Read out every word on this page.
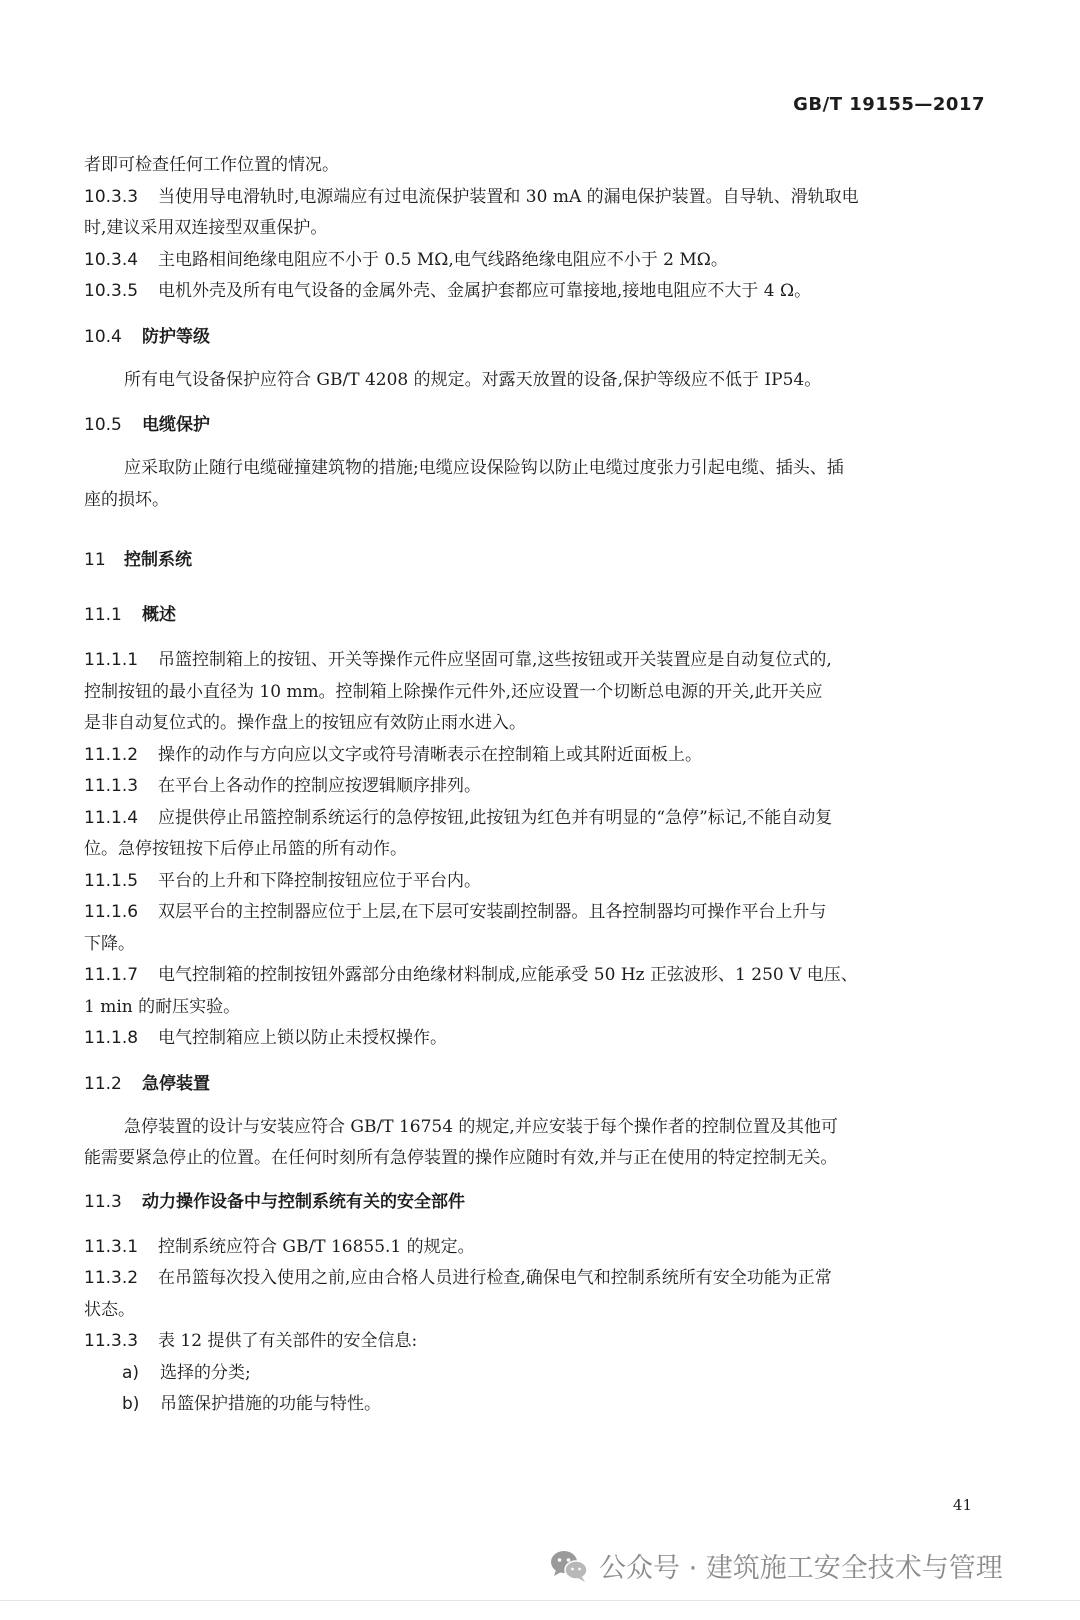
GB/T 19155—2017
者即可检查任何工作位置的情况。
10.3.3 当使用导电滑轨时,电源端应有过电流保护装置和 30 mA 的漏电保护装置。自导轨、滑轨取电
时,建议采用双连接型双重保护。
10.3.4 主电路相间绝缘电阻应不小于 0.5 MΩ,电气线路绝缘电阻应不小于 2 MΩ。
10.3.5 电机外壳及所有电气设备的金属外壳、金属护套都应可靠接地,接地电阻应不大于 4 Ω。
10.4 防护等级
所有电气设备保护应符合 GB/T 4208 的规定。对露天放置的设备,保护等级应不低于 IP54。
10.5 电缆保护
应采取防止随行电缆碰撞建筑物的措施;电缆应设保险钩以防止电缆过度张力引起电缆、插头、插
座的损坏。
11 控制系统
11.1 概述
11.1.1 吊篮控制箱上的按钮、开关等操作元件应坚固可靠,这些按钮或开关装置应是自动复位式的,
控制按钮的最小直径为 10 mm。控制箱上除操作元件外,还应设置一个切断总电源的开关,此开关应
是非自动复位式的。操作盘上的按钮应有效防止雨水进入。
11.1.2 操作的动作与方向应以文字或符号清晰表示在控制箱上或其附近面板上。
11.1.3 在平台上各动作的控制应按逻辑顺序排列。
11.1.4 应提供停止吊篮控制系统运行的急停按钮,此按钮为红色并有明显的“急停”标记,不能自动复
位。急停按钮按下后停止吊篮的所有动作。
11.1.5 平台的上升和下降控制按钮应位于平台内。
11.1.6 双层平台的主控制器应位于上层,在下层可安装副控制器。且各控制器均可操作平台上升与
下降。
11.1.7 电气控制箱的控制按钮外露部分由绝缘材料制成,应能承受 50 Hz 正弦波形、1 250 V 电压、
1 min 的耐压实验。
11.1.8 电气控制箱应上锁以防止未授权操作。
11.2 急停装置
急停装置的设计与安装应符合 GB/T 16754 的规定,并应安装于每个操作者的控制位置及其他可
能需要紧急停止的位置。在任何时刻所有急停装置的操作应随时有效,并与正在使用的特定控制无关。
11.3 动力操作设备中与控制系统有关的安全部件
11.3.1 控制系统应符合 GB/T 16855.1 的规定。
11.3.2 在吊篮每次投入使用之前,应由合格人员进行检查,确保电气和控制系统所有安全功能为正常
状态。
11.3.3 表 12 提供了有关部件的安全信息:
a) 选择的分类;
b) 吊篮保护措施的功能与特性。
41
公众号 · 建筑施工安全技术与管理
